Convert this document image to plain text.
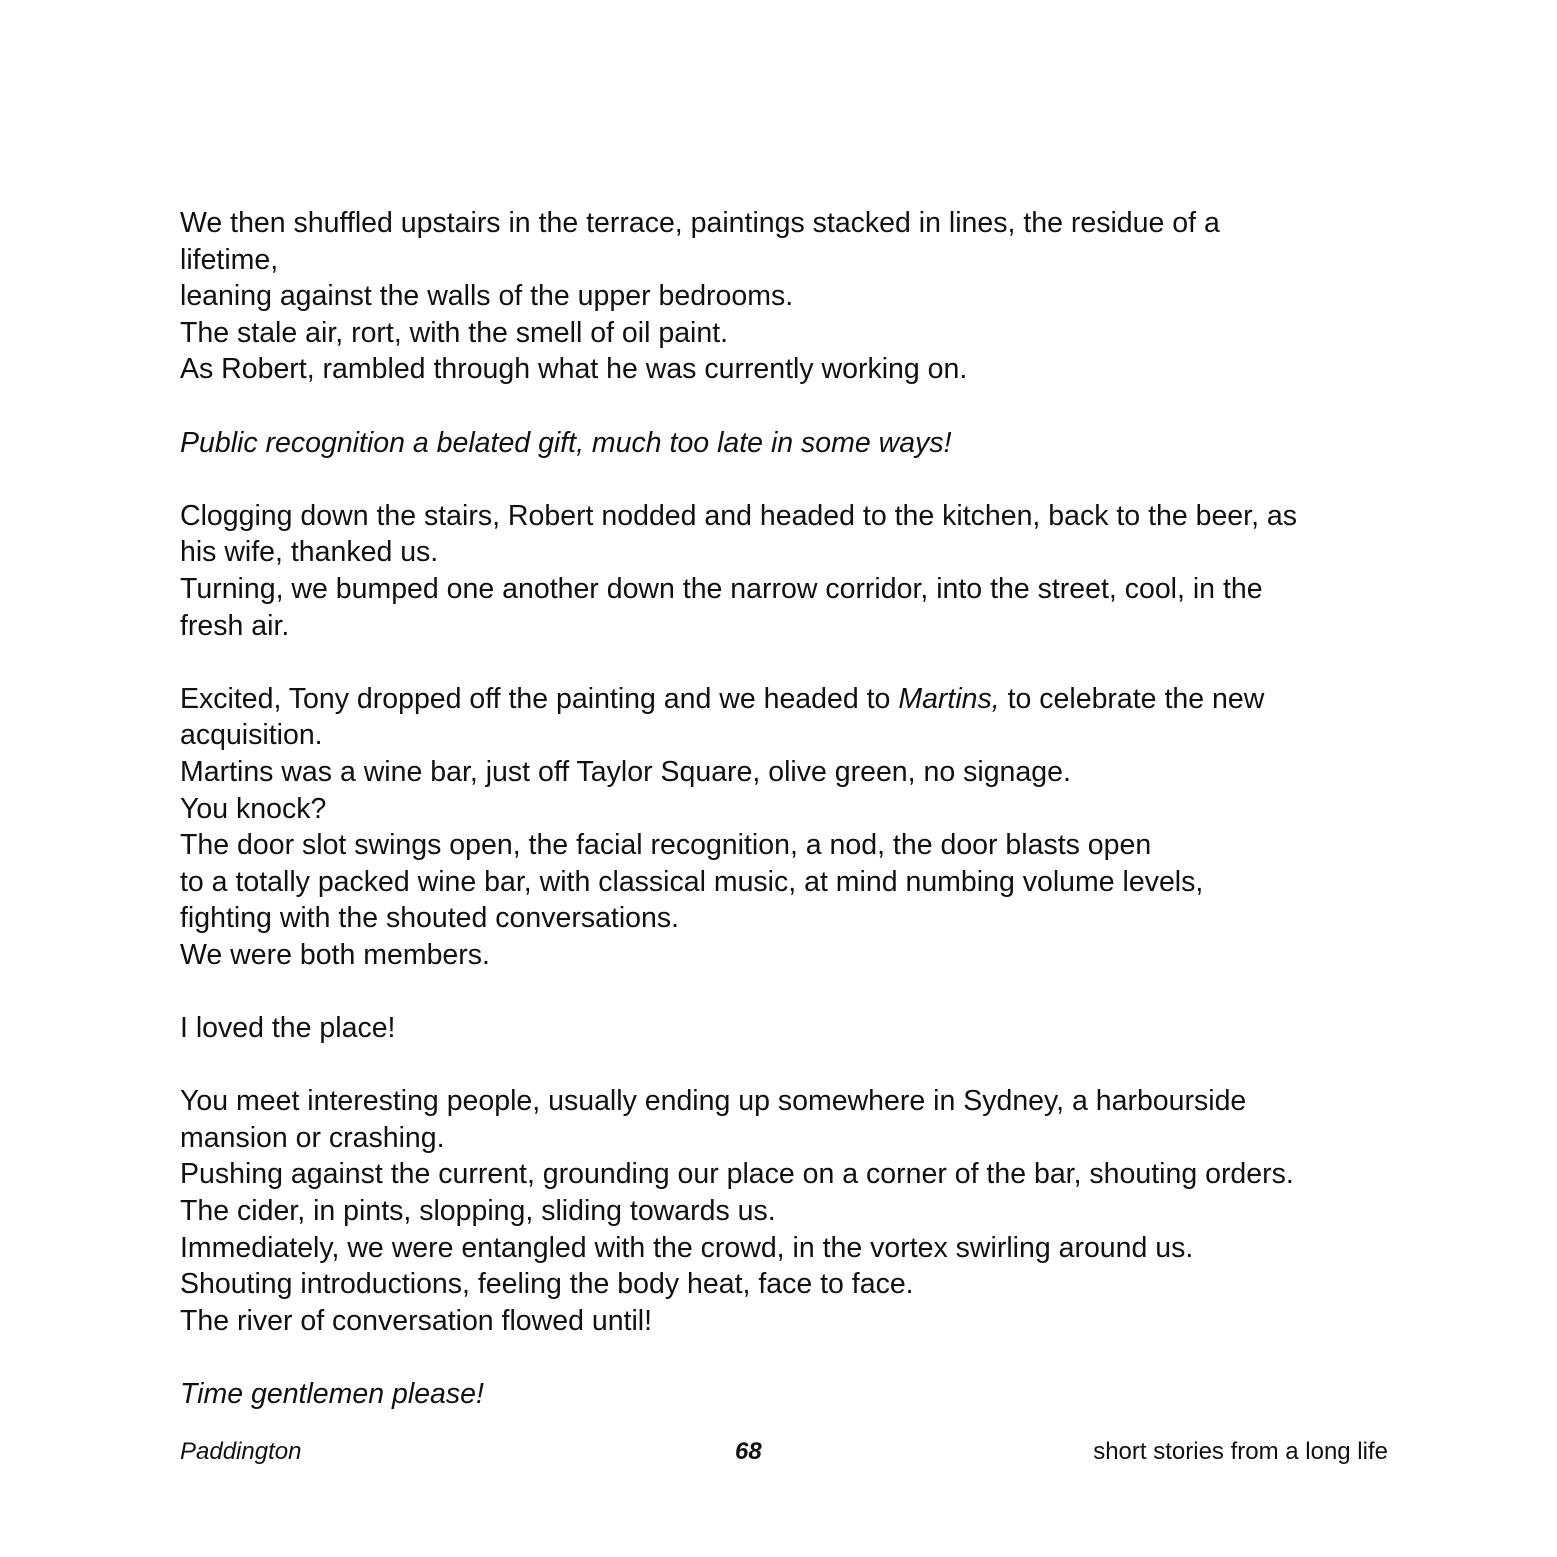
We then shuffled upstairs in the terrace, paintings stacked in lines, the residue of a
lifetime,
leaning against the walls of the upper bedrooms.
The stale air, rort, with the smell of oil paint.
As Robert, rambled through what he was currently working on.
Public recognition a belated gift, much too late in some ways!
Clogging down the stairs, Robert nodded and headed to the kitchen, back to the beer, as
his wife, thanked us.
Turning, we bumped one another down the narrow corridor, into the street, cool, in the
fresh air.
Excited, Tony dropped off the painting and we headed to Martins, to celebrate the new
acquisition.
Martins was a wine bar, just off Taylor Square, olive green, no signage.
You knock?
The door slot swings open, the facial recognition, a nod, the door blasts open
to a totally packed wine bar, with classical music, at mind numbing volume levels,
fighting with the shouted conversations.
We were both members.
I loved the place!
You meet interesting people, usually ending up somewhere in Sydney, a harbourside
mansion or crashing.
Pushing against the current, grounding our place on a corner of the bar, shouting orders.
The cider, in pints, slopping, sliding towards us.
Immediately, we were entangled with the crowd, in the vortex swirling around us.
Shouting introductions, feeling the body heat, face to face.
The river of conversation flowed until!
Time gentlemen please!
Paddington	68	short stories from a long life
